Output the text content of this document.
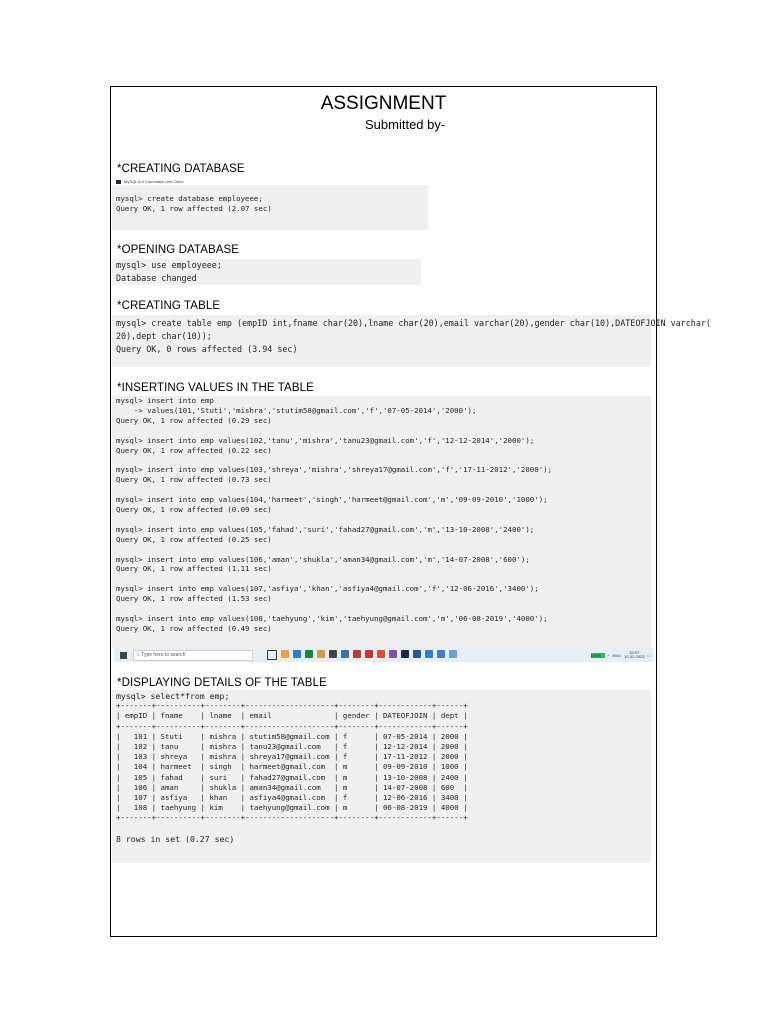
ASSIGNMENT
Submitted by-
*CREATING DATABASE
MySQL 8.0 Command Line Client
mysql> create database employeee;
Query OK, 1 row affected (2.07 sec)
*OPENING DATABASE
mysql> use employeee;
Database changed
*CREATING TABLE
mysql> create table emp (empID int,fname char(20),lname char(20),email varchar(20),gender char(10),DATEOFJOIN varchar(
20),dept char(10));
Query OK, 0 rows affected (3.94 sec)
*INSERTING VALUES IN THE TABLE
mysql> insert into emp
-> values(101,'Stuti','mishra','stutim58@gmail.com','f','07-05-2014','2000');
Query OK, 1 row affected (0.29 sec)

mysql> insert into emp values(102,'tanu','mishra','tanu23@gmail.com','f','12-12-2014','2000');
Query OK, 1 row affected (0.22 sec)

mysql> insert into emp values(103,'shreya','mishra','shreya17@gmail.com','f','17-11-2012','2000');
Query OK, 1 row affected (0.73 sec)

mysql> insert into emp values(104,'harmeet','singh','harmeet@gmail.com','m','09-09-2010','1000');
Query OK, 1 row affected (0.09 sec)

mysql> insert into emp values(105,'fahad','suri','fahad27@gmail.com','m','13-10-2008','2400');
Query OK, 1 row affected (0.25 sec)

mysql> insert into emp values(106,'aman','shukla','aman34@gmail.com','m','14-07-2008','600');
Query OK, 1 row affected (1.11 sec)

mysql> insert into emp values(107,'asfiya','khan','asfiya4@gmail.com','f','12-06-2016','3400');
Query OK, 1 row affected (1.53 sec)

mysql> insert into emp values(108,'taehyung','kim','taehyung@gmail.com','m','06-08-2019','4000');
Query OK, 1 row affected (0.49 sec)
⌕ Type here to search	100%	^ ENG
22:07
10-02-2023 □
*DISPLAYING DETAILS OF THE TABLE
mysql> select*from emp;
+-------+----------+--------+--------------------+--------+------------+------+
| empID | fname    | lname  | email              | gender | DATEOFJOIN | dept |
+-------+----------+--------+--------------------+--------+------------+------+
|   101 | Stuti    | mishra | stutim58@gmail.com | f      | 07-05-2014 | 2000 |
|   102 | tanu     | mishra | tanu23@gmail.com   | f      | 12-12-2014 | 2000 |
|   103 | shreya   | mishra | shreya17@gmail.com | f      | 17-11-2012 | 2000 |
|   104 | harmeet  | singh  | harmeet@gmail.com  | m      | 09-09-2010 | 1000 |
|   105 | fahad    | suri   | fahad27@gmail.com  | m      | 13-10-2008 | 2400 |
|   106 | aman     | shukla | aman34@gmail.com   | m      | 14-07-2008 | 600  |
|   107 | asfiya   | khan   | asfiya4@gmail.com  | f      | 12-06-2016 | 3400 |
|   108 | taehyung | kim    | taehyung@gmail.com | m      | 06-08-2019 | 4000 |
+-------+----------+--------+--------------------+--------+------------+------+

8 rows in set (0.27 sec)
